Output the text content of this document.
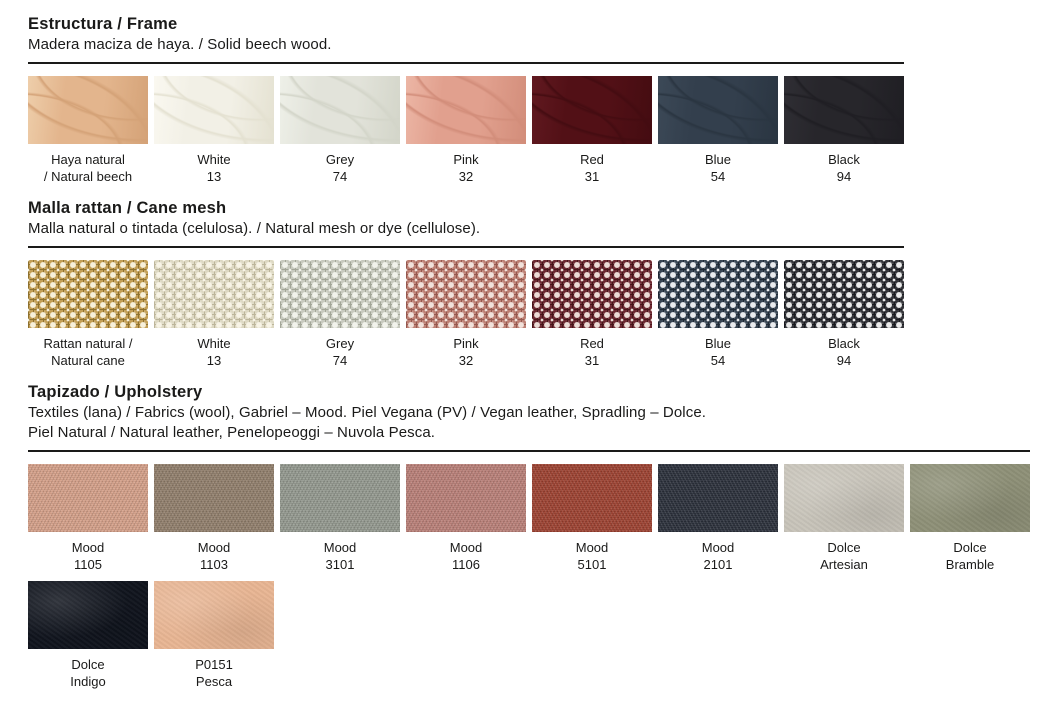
Estructura / Frame
Madera maciza de haya. / Solid beech wood.
Haya natural
/ Natural beech
White
13
Grey
74
Pink
32
Red
31
Blue
54
Black
94
Malla rattan / Cane mesh
Malla natural o tintada (celulosa). / Natural mesh or dye (cellulose).
Rattan natural /
Natural cane
White
13
Grey
74
Pink
32
Red
31
Blue
54
Black
94
Tapizado / Upholstery
Textiles (lana) / Fabrics (wool), Gabriel – Mood. Piel Vegana (PV) / Vegan leather, Spradling – Dolce.
Piel Natural / Natural leather, Penelopeoggi – Nuvola Pesca.
Mood
1105
Mood
1103
Mood
3101
Mood
1106
Mood
5101
Mood
2101
Dolce
Artesian
Dolce
Bramble
Dolce
Indigo
P0151
Pesca
